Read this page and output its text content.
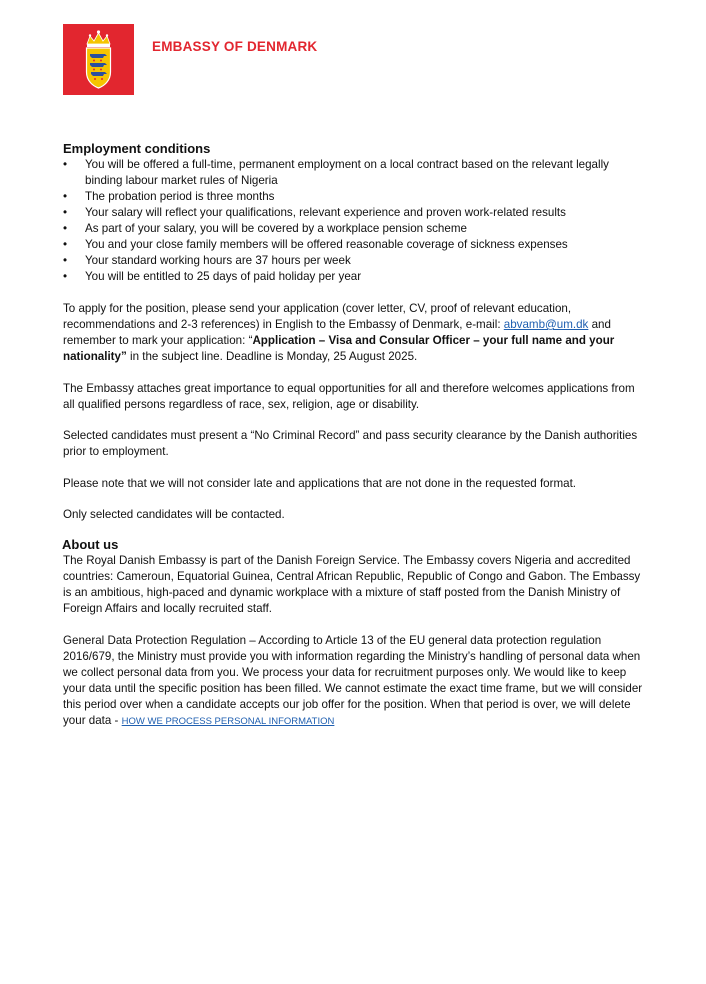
EMBASSY OF DENMARK
Employment conditions
• You will be offered a full-time, permanent employment on a local contract based on the relevant legally binding labour market rules of Nigeria
• The probation period is three months
• Your salary will reflect your qualifications, relevant experience and proven work-related results
• As part of your salary, you will be covered by a workplace pension scheme
• You and your close family members will be offered reasonable coverage of sickness expenses
• Your standard working hours are 37 hours per week
• You will be entitled to 25 days of paid holiday per year

To apply for the position, please send your application (cover letter, CV, proof of relevant education, recommendations and 2-3 references) in English to the Embassy of Denmark, e-mail: abvamb@um.dk and remember to mark your application: “Application – Visa and Consular Officer – your full name and your nationality” in the subject line. Deadline is Monday, 25 August 2025.

The Embassy attaches great importance to equal opportunities for all and therefore welcomes applications from all qualified persons regardless of race, sex, religion, age or disability.

Selected candidates must present a “No Criminal Record” and pass security clearance by the Danish authorities prior to employment.

Please note that we will not consider late and applications that are not done in the requested format.

Only selected candidates will be contacted.

About us

The Royal Danish Embassy is part of the Danish Foreign Service. The Embassy covers Nigeria and accredited countries: Cameroun, Equatorial Guinea, Central African Republic, Republic of Congo and Gabon. The Embassy is an ambitious, high-paced and dynamic workplace with a mixture of staff posted from the Danish Ministry of Foreign Affairs and locally recruited staff.

General Data Protection Regulation – According to Article 13 of the EU general data protection regulation 2016/679, the Ministry must provide you with information regarding the Ministry’s handling of personal data when we collect personal data from you. We process your data for recruitment purposes only. We would like to keep your data until the specific position has been filled. We cannot estimate the exact time frame, but we will consider this period over when a candidate accepts our job offer for the position. When that period is over, we will delete your data - HOW WE PROCESS PERSONAL INFORMATION
